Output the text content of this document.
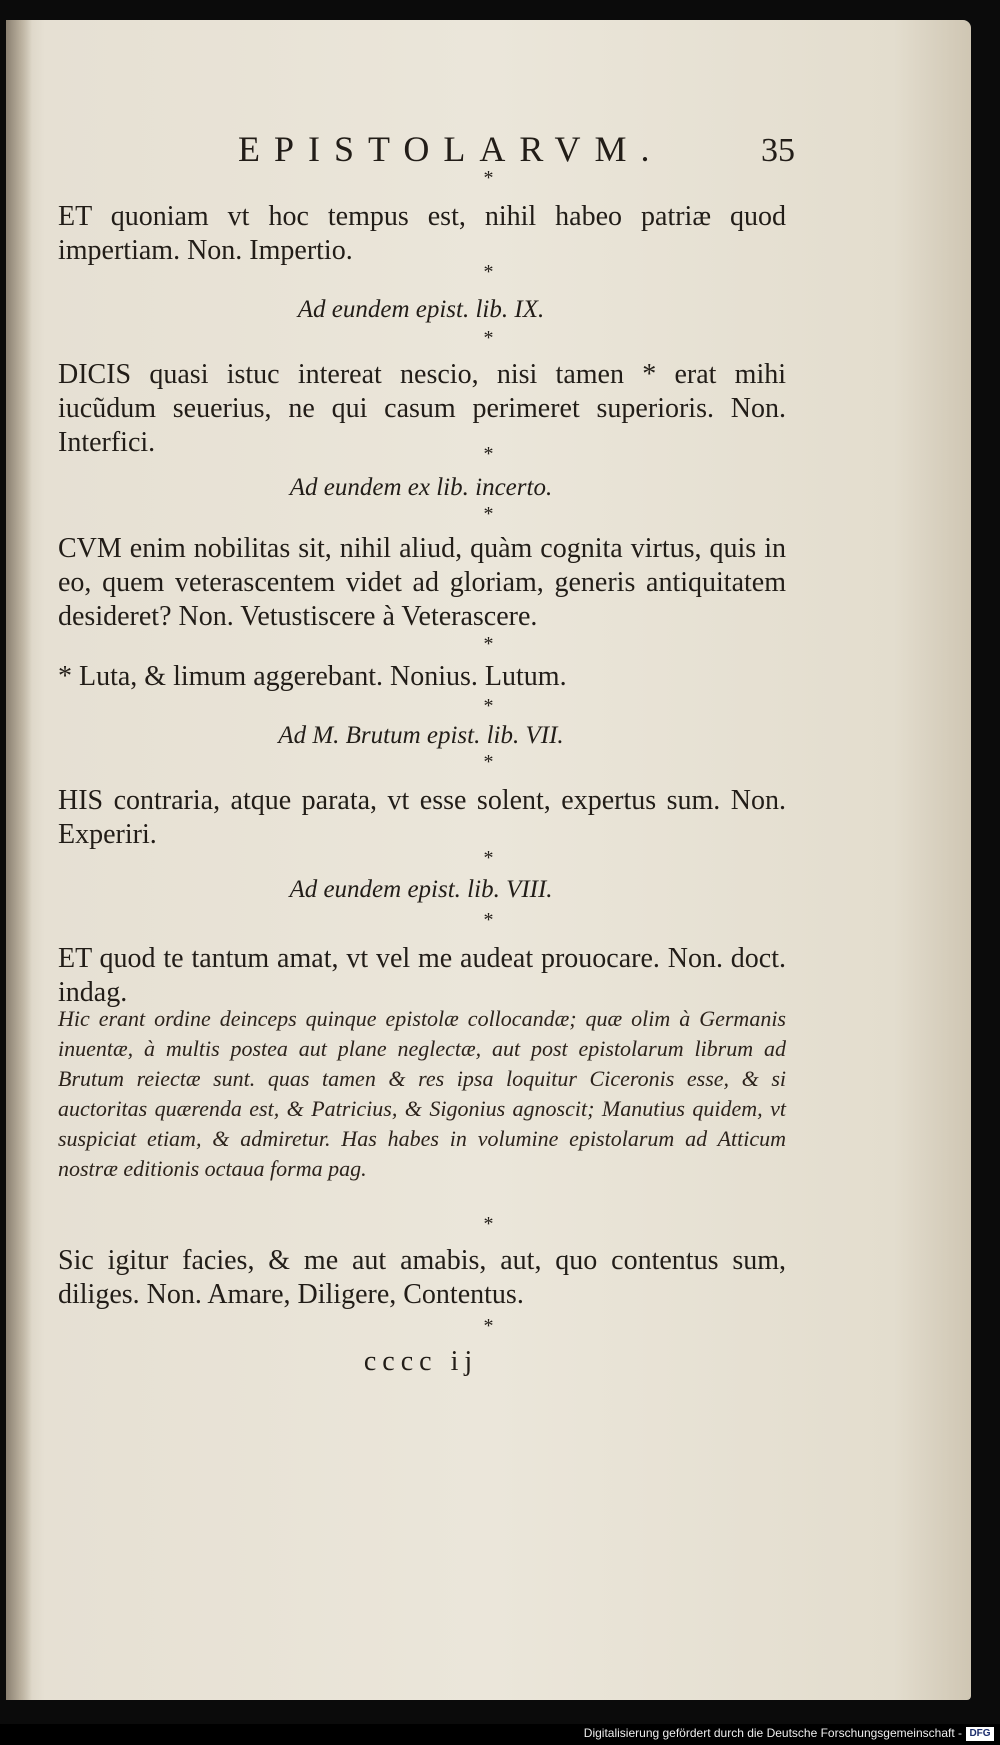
EPISTOLARVM.	35
*
ET quoniam vt hoc tempus est, nihil habeo patriæ quod impertiam. Non. Impertio.
*
Ad eundem epist. lib. IX.
*
DICIS quasi istuc intereat nescio, nisi tamen * erat mihi iucũdum seuerius, ne qui casum perimeret superioris. Non. Interfici.	*
Ad eundem ex lib. incerto.
*
CVM enim nobilitas sit, nihil aliud, quàm cognita virtus, quis in eo, quem veterascentem videt ad gloriam, generis antiquitatem desideret? Non. Vetustiscere à Veterascere.
*
* Luta, & limum aggerebant. Nonius. Lutum.
*
Ad M. Brutum epist. lib. VII.
*
HIS contraria, atque parata, vt esse solent, expertus sum. Non. Experiri.
*
Ad eundem epist. lib. VIII.
*
ET quod te tantum amat, vt vel me audeat prouocare. Non. doct. indag.
Hic erant ordine deinceps quinque epistolæ collocandæ; quæ olim à Germanis inuentæ, à multis postea aut plane neglectæ, aut post epistolarum librum ad Brutum reiectæ sunt. quas tamen & res ipsa loquitur Ciceronis esse, & si auctoritas quærenda est, & Patricius, & Sigonius agnoscit; Manutius quidem, vt suspiciat etiam, & admiretur. Has habes in volumine epistolarum ad Atticum nostræ editionis octaua forma pag.
*
Sic igitur facies, & me aut amabis, aut, quo contentus sum, diliges. Non. Amare, Diligere, Contentus.
*
cccc ij
Digitalisierung gefördert durch die Deutsche Forschungsgemeinschaft - DFG
